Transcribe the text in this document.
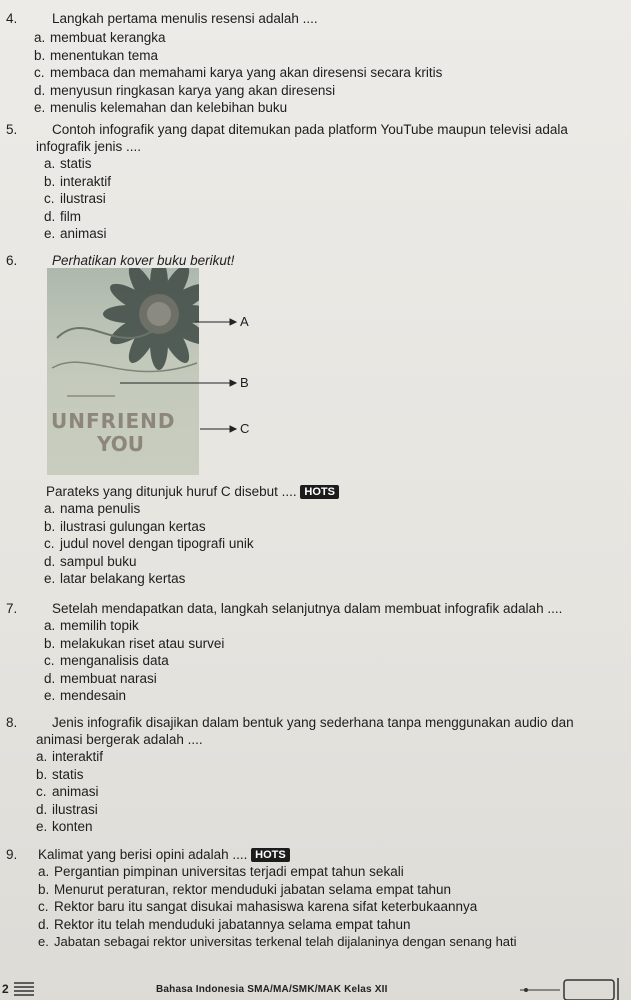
4.	Langkah pertama menulis resensi adalah ....
a. membuat kerangka
b. menentukan tema
c. membaca dan memahami karya yang akan diresensi secara kritis
d. menyusun ringkasan karya yang akan diresensi
e. menulis kelemahan dan kelebihan buku
5.	Contoh infografik yang dapat ditemukan pada platform YouTube maupun televisi adala
infografik jenis ....
a. statis
b. interaktif
c. ilustrasi
d. film
e. animasi
6.	Perhatikan kover buku berikut!
UNFRIEND
YOU
A
B
C
Parateks yang ditunjuk huruf C disebut .... HOTS
a. nama penulis
b. ilustrasi gulungan kertas
c. judul novel dengan tipografi unik
d. sampul buku
e. latar belakang kertas
7.	Setelah mendapatkan data, langkah selanjutnya dalam membuat infografik adalah ....
a. memilih topik
b. melakukan riset atau survei
c. menganalisis data
d. membuat narasi
e. mendesain
8.	Jenis infografik disajikan dalam bentuk yang sederhana tanpa menggunakan audio dan
animasi bergerak adalah ....
a. interaktif
b. statis
c. animasi
d. ilustrasi
e. konten
9.	Kalimat yang berisi opini adalah .... HOTS
a. Pergantian pimpinan universitas terjadi empat tahun sekali
b. Menurut peraturan, rektor menduduki jabatan selama empat tahun
c. Rektor baru itu sangat disukai mahasiswa karena sifat keterbukaannya
d. Rektor itu telah menduduki jabatannya selama empat tahun
e. Jabatan sebagai rektor universitas terkenal telah dijalaninya dengan senang hati
2	Bahasa Indonesia SMA/MA/SMK/MAK Kelas XII
